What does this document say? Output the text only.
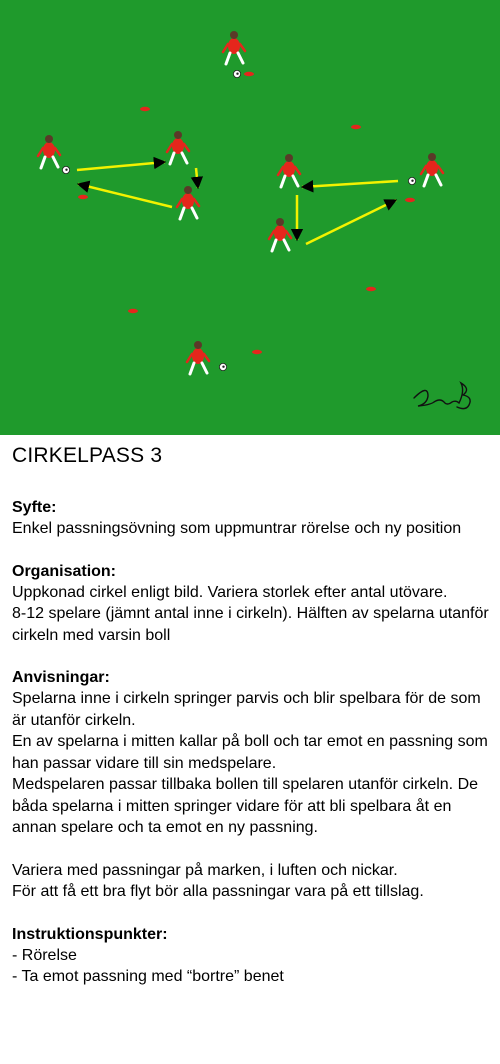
CIRKELPASS 3
Syfte:

Enkel passningsövning som uppmuntrar rörelse och ny position

Organisation:

Uppkonad cirkel enligt bild. Variera storlek efter antal utövare.

8-12 spelare (jämnt antal inne i cirkeln). Hälften av spelarna utanför cirkeln med varsin boll

Anvisningar:

Spelarna inne i cirkeln springer parvis och blir spelbara för de som är utanför cirkeln.

En av spelarna i mitten kallar på boll och tar emot en passning som han passar vidare till sin medspelare.

Medspelaren passar tillbaka bollen till spelaren utanför cirkeln. De båda spelarna i mitten springer vidare för att bli spelbara åt en annan spelare och ta emot en ny passning.

Variera med passningar på marken, i luften och nickar.

För att få ett bra flyt bör alla passningar vara på ett tillslag.

Instruktionspunkter:

- Rörelse

- Ta emot passning med “bortre” benet
